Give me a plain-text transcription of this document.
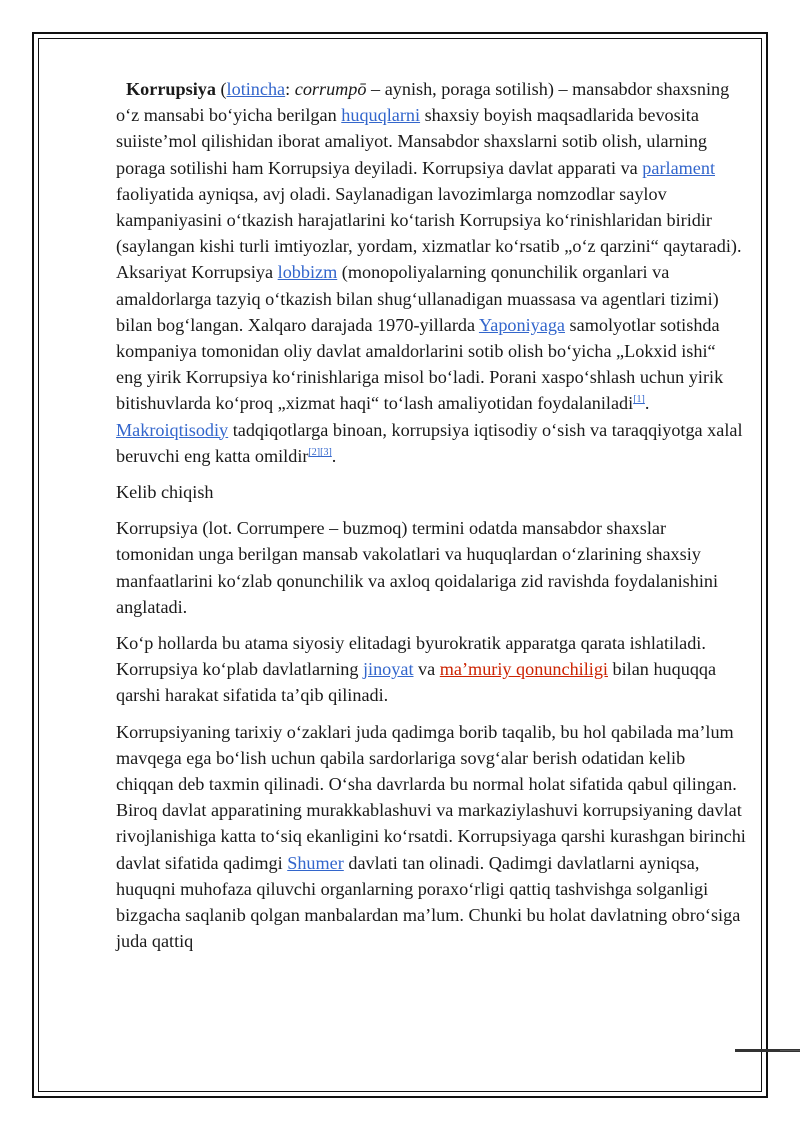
Korrupsiya (lotincha: corrumpō – aynish, poraga sotilish) – mansabdor shaxsning o‘z mansabi bo‘yicha berilgan huquqlarni shaxsiy boyish maqsadlarida bevosita suiiste’mol qilishidan iborat amaliyot. Mansabdor shaxslarni sotib olish, ularning poraga sotilishi ham Korrupsiya deyiladi. Korrupsiya davlat apparati va parlament faoliyatida ayniqsa, avj oladi. Saylanadigan lavozimlarga nomzodlar saylov kampaniyasini o‘tkazish harajatlarini ko‘tarish Korrupsiya ko‘rinishlaridan biridir (saylangan kishi turli imtiyozlar, yordam, xizmatlar ko‘rsatib „o‘z qarzini“ qaytaradi). Aksariyat Korrupsiya lobbizm (monopoliyalarning qonunchilik organlari va amaldorlarga tazyiq o‘tkazish bilan shug‘ullanadigan muassasa va agentlari tizimi) bilan bog‘langan. Xalqaro darajada 1970-yillarda Yaponiyaga samolyotlar sotishda kompaniya tomonidan oliy davlat amaldorlarini sotib olish bo‘yicha „Lokxid ishi“ eng yirik Korrupsiya ko‘rinishlariga misol bo‘ladi. Porani xaspo‘shlash uchun yirik bitishuvlarda ko‘proq „xizmat haqi“ to‘lash amaliyotidan foydalaniladi[1]. Makroiqtisodiy tadqiqotlarga binoan, korrupsiya iqtisodiy o‘sish va taraqqiyotga xalal beruvchi eng katta omildir[2][3].

Kelib chiqish

Korrupsiya (lot. Corrumpere – buzmoq) termini odatda mansabdor shaxslar tomonidan unga berilgan mansab vakolatlari va huquqlardan o‘zlarining shaxsiy manfaatlarini ko‘zlab qonunchilik va axloq qoidalariga zid ravishda foydalanishini anglatadi.

Ko‘p hollarda bu atama siyosiy elitadagi byurokratik apparatga qarata ishlatiladi. Korrupsiya ko‘plab davlatlarning jinoyat va ma’muriy qonunchiligi bilan huquqqa qarshi harakat sifatida ta’qib qilinadi.

Korrupsiyaning tarixiy o‘zaklari juda qadimga borib taqalib, bu hol qabilada ma’lum mavqega ega bo‘lish uchun qabila sardorlariga sovg‘alar berish odatidan kelib chiqqan deb taxmin qilinadi. O‘sha davrlarda bu normal holat sifatida qabul qilingan. Biroq davlat apparatining murakkablashuvi va markaziylashuvi korrupsiyaning davlat rivojlanishiga katta to‘siq ekanligini ko‘rsatdi. Korrupsiyaga qarshi kurashgan birinchi davlat sifatida qadimgi Shumer davlati tan olinadi. Qadimgi davlatlarni ayniqsa, huquqni muhofaza qiluvchi organlarning poraxo‘rligi qattiq tashvishga solganligi bizgacha saqlanib qolgan manbalardan ma’lum. Chunki bu holat davlatning obro‘siga juda qattiq
